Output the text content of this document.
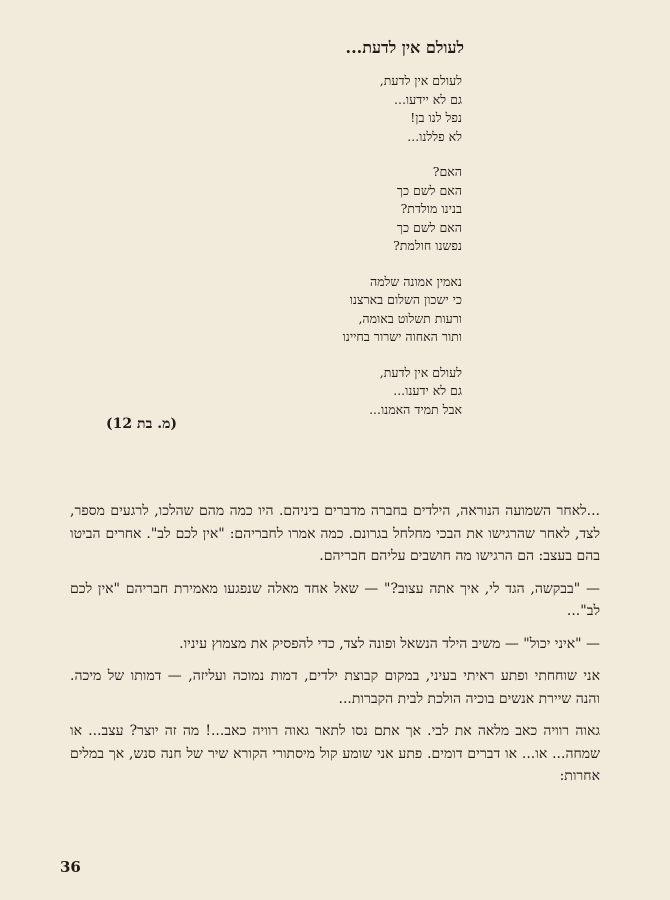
לעולם אין לדעת...
לעולם אין לדעת,
גם לא יידעו...
נפל לנו בן!
לא פללנו...
האם?
האם לשם כך
בנינו מולדת?
האם לשם כך
נפשנו חולמת?
נאמין אמונה שלמה
כי ישכון השלום בארצנו
ורעות תשלוט באומה,
ותור האחוה ישרור בחיינו
לעולם אין לדעת,
גם לא ידענו...
אבל תמיד האמנו...
(מ. בת 12)

...לאחר השמועה הנוראה, הילדים בחברה מדברים ביניהם. היו כמה מהם שהלכו, לרגעים מספר, לצד, לאחר שהרגישו את הבכי מחלחל בגרונם. כמה אמרו לחבריהם: "אין לכם לב". אחרים הביטו בהם בעצב: הם הרגישו מה חושבים עליהם חבריהם.

— "בבקשה, הגד לי, איך אתה עצוב?" — שאל אחד מאלה שנפגעו מאמירת חבריהם "אין לכם לב"...

— "איני יכול" — משיב הילד הנשאל ופונה לצד, כדי להפסיק את מצמוץ עיניו.

אני שוחחתי ופתע ראיתי בעיני, במקום קבוצת ילדים, דמות נמוכה ועליזה, — דמותו של מיכה. והנה שיירת אנשים בוכיה הולכת לבית הקברות...

גאוה רוויה כאב מלאה את לבי. אך אתם נסו לתאר גאוה רוויה כאב...! מה זה יוצר? עצב... או שמחה... או... או דברים דומים. פתע אני שומע קול מיסתורי הקורא שיר של חנה סנש, אך במלים אחרות:

36
